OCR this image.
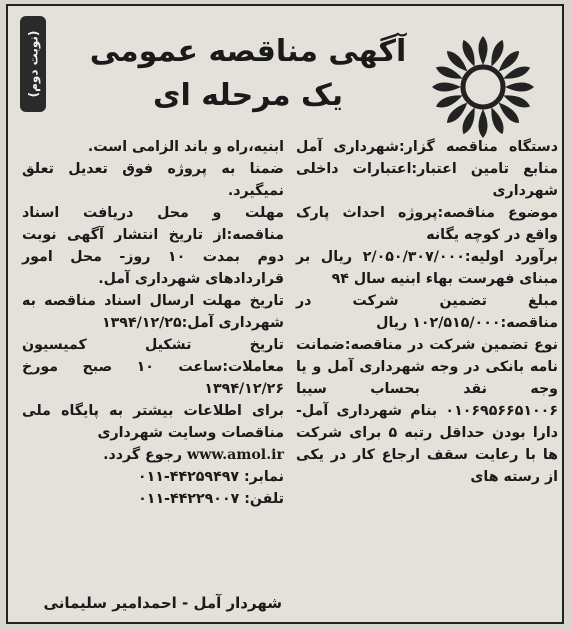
(نوبت دوم)
آگهی مناقصه عمومی
یک مرحله ای

دستگاه مناقصه گزار:شهرداری آمل منابع تامین اعتبار:اعتبارات داخلی شهرداری

موضوع مناقصه:پروژه احداث پارک واقع در کوچه یگانه

برآورد اولیه:۲/۰۵۰/۳۰۷/۰۰۰ ریال بر مبنای فهرست بهاء ابنیه سال ۹۴

مبلغ تضمین شرکت در مناقصه:۱۰۲/۵۱۵/۰۰۰ ریال

نوع تضمین شرکت در مناقصه:ضمانت نامه بانکی در وجه شهرداری آمل و یا وجه نقد بحساب سیبا ۰۱۰۶۹۵۶۶۵۱۰۰۶ بنام شهرداری آمل- دارا بودن حداقل رتبه ۵ برای شرکت ها با رعایت سقف ارجاع کار در یکی از رسته های

ابنیه،راه و باند الزامی است.

ضمنا به پروژه فوق تعدیل تعلق نمیگیرد.

مهلت و محل دریافت اسناد مناقصه:از تاریخ انتشار آگهی نوبت دوم بمدت ۱۰ روز- محل امور قراردادهای شهرداری آمل.

تاریخ مهلت ارسال اسناد مناقصه به شهرداری آمل:۱۳۹۴/۱۲/۲۵

تاریخ تشکیل کمیسیون معاملات:ساعت ۱۰ صبح مورخ ۱۳۹۴/۱۲/۲۶

برای اطلاعات بیشتر به پایگاه ملی مناقصات وسایت شهرداری

www.amol.ir رجوع گردد.

نمابر: ۴۴۲۵۹۴۹۷-۰۱۱

تلفن: ۴۴۲۲۹۰۰۷-۰۱۱

شهردار آمل - احمدامیر سلیمانی
